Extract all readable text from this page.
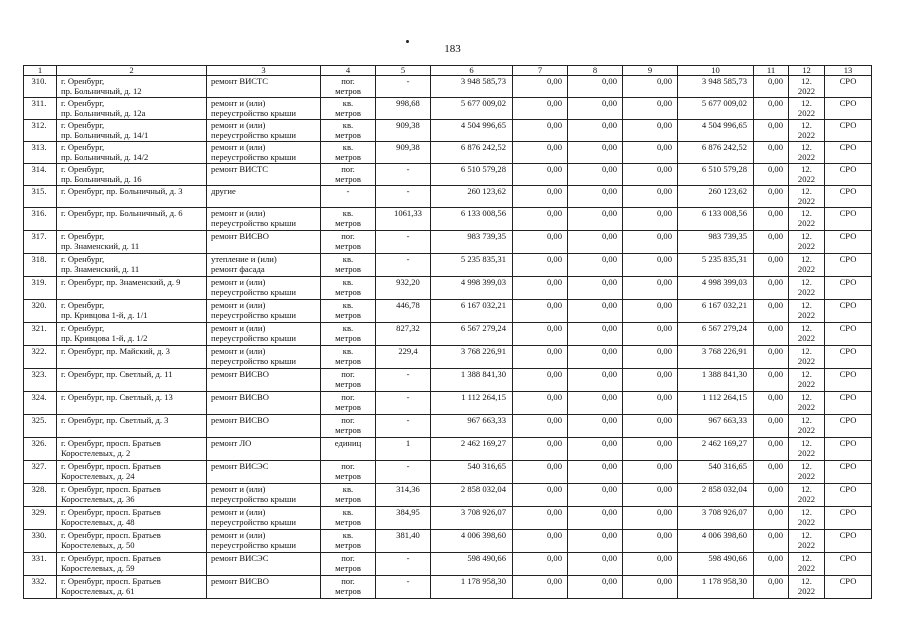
183
1	2	3	4	5	6	7	8	9	10	11	12	13

310.	г. Оренбург,
пр. Больничный, д. 12	ремонт ВИСТС	пог.
метров	-	3 948 585,73	0,00	0,00	0,00	3 948 585,73	0,00	12.
2022	СРО

311.	г. Оренбург,
пр. Больничный, д. 12а	ремонт и (или)
переустройство крыши	кв.
метров	998,68	5 677 009,02	0,00	0,00	0,00	5 677 009,02	0,00	12.
2022	СРО

312.	г. Оренбург,
пр. Больничный, д. 14/1	ремонт и (или)
переустройство крыши	кв.
метров	909,38	4 504 996,65	0,00	0,00	0,00	4 504 996,65	0,00	12.
2022	СРО

313.	г. Оренбург,
пр. Больничный, д. 14/2	ремонт и (или)
переустройство крыши	кв.
метров	909,38	6 876 242,52	0,00	0,00	0,00	6 876 242,52	0,00	12.
2022	СРО

314.	г. Оренбург,
пр. Больничный, д. 16	ремонт ВИСТС	пог.
метров	-	6 510 579,28	0,00	0,00	0,00	6 510 579,28	0,00	12.
2022	СРО

315.	г. Оренбург, пр. Больничный, д. 3	другие	-	-	260 123,62	0,00	0,00	0,00	260 123,62	0,00	12.
2022	СРО

316.	г. Оренбург, пр. Больничный, д. 6	ремонт и (или)
переустройство крыши	кв.
метров	1061,33	6 133 008,56	0,00	0,00	0,00	6 133 008,56	0,00	12.
2022	СРО

317.	г. Оренбург,
пр. Знаменский, д. 11	ремонт ВИСВО	пог.
метров	-	983 739,35	0,00	0,00	0,00	983 739,35	0,00	12.
2022	СРО

318.	г. Оренбург,
пр. Знаменский, д. 11	утепление и (или)
ремонт фасада	кв.
метров	-	5 235 835,31	0,00	0,00	0,00	5 235 835,31	0,00	12.
2022	СРО

319.	г. Оренбург, пр. Знаменский, д. 9	ремонт и (или)
переустройство крыши	кв.
метров	932,20	4 998 399,03	0,00	0,00	0,00	4 998 399,03	0,00	12.
2022	СРО

320.	г. Оренбург,
пр. Кривцова 1-й, д. 1/1	ремонт и (или)
переустройство крыши	кв.
метров	446,78	6 167 032,21	0,00	0,00	0,00	6 167 032,21	0,00	12.
2022	СРО

321.	г. Оренбург,
пр. Кривцова 1-й, д. 1/2	ремонт и (или)
переустройство крыши	кв.
метров	827,32	6 567 279,24	0,00	0,00	0,00	6 567 279,24	0,00	12.
2022	СРО

322.	г. Оренбург, пр. Майский, д. 3	ремонт и (или)
переустройство крыши	кв.
метров	229,4	3 768 226,91	0,00	0,00	0,00	3 768 226,91	0,00	12.
2022	СРО

323.	г. Оренбург, пр. Светлый, д. 11	ремонт ВИСВО	пог.
метров	-	1 388 841,30	0,00	0,00	0,00	1 388 841,30	0,00	12.
2022	СРО

324.	г. Оренбург, пр. Светлый, д. 13	ремонт ВИСВО	пог.
метров	-	1 112 264,15	0,00	0,00	0,00	1 112 264,15	0,00	12.
2022	СРО

325.	г. Оренбург, пр. Светлый, д. 3	ремонт ВИСВО	пог.
метров	-	967 663,33	0,00	0,00	0,00	967 663,33	0,00	12.
2022	СРО

326.	г. Оренбург, просп. Братьев
Коростелевых, д. 2	ремонт ЛО	единиц	1	2 462 169,27	0,00	0,00	0,00	2 462 169,27	0,00	12.
2022	СРО

327.	г. Оренбург, просп. Братьев
Коростелевых, д. 24	ремонт ВИСЭС	пог.
метров	-	540 316,65	0,00	0,00	0,00	540 316,65	0,00	12.
2022	СРО

328.	г. Оренбург, просп. Братьев
Коростелевых, д. 36	ремонт и (или)
переустройство крыши	кв.
метров	314,36	2 858 032,04	0,00	0,00	0,00	2 858 032,04	0,00	12.
2022	СРО

329.	г. Оренбург, просп. Братьев
Коростелевых, д. 48	ремонт и (или)
переустройство крыши	кв.
метров	384,95	3 708 926,07	0,00	0,00	0,00	3 708 926,07	0,00	12.
2022	СРО

330.	г. Оренбург, просп. Братьев
Коростелевых, д. 50	ремонт и (или)
переустройство крыши	кв.
метров	381,40	4 006 398,60	0,00	0,00	0,00	4 006 398,60	0,00	12.
2022	СРО

331.	г. Оренбург, просп. Братьев
Коростелевых, д. 59	ремонт ВИСЭС	пог.
метров	-	598 490,66	0,00	0,00	0,00	598 490,66	0,00	12.
2022	СРО

332.	г. Оренбург, просп. Братьев
Коростелевых, д. 61	ремонт ВИСВО	пог.
метров	-	1 178 958,30	0,00	0,00	0,00	1 178 958,30	0,00	12.
2022	СРО
